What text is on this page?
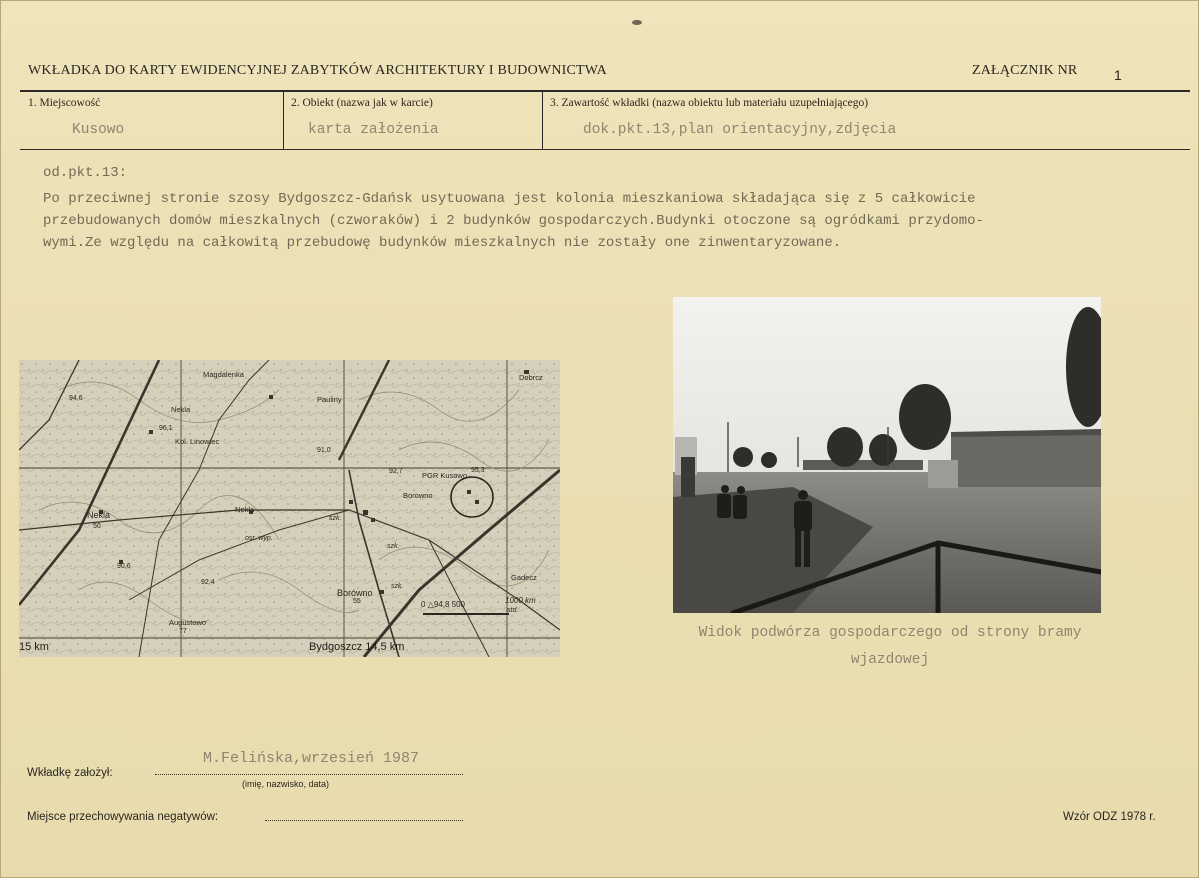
WKŁADKA DO KARTY EWIDENCYJNEJ ZABYTKÓW ARCHITEKTURY I BUDOWNICTWA	ZAŁĄCZNIK NR	1
1. Miejscowość
Kusowo
2. Obiekt (nazwa jak w karcie)
karta założenia
3. Zawartość wkładki (nazwa obiektu lub materiału uzupełniającego)
dok.pkt.13,plan orientacyjny,zdjęcia
od.pkt.13:
Po przeciwnej stronie szosy Bydgoszcz-Gdańsk usytuowana jest kolonia mieszkaniowa składająca się z 5 całkowicie
przebudowanych domów mieszkalnych (czworaków) i 2 budynków gospodarczych.Budynki otoczone są ogródkami przydomo-
wymi.Ze względu na całkowitą przebudowę budynków mieszkalnych nie zostały one zinwentaryzowane.
Magdalenka	Dobrcz
Nekla
Pauliny
Kol. Linowiec
PGR Kusowo
Borowno
Nekla
Gadecz
Augustowo
Nekla
Borówno
94,6
96,1
91,0
92,7	95,3
90,6
92,4
50
55
77
szk.
szk.
szk.
osr. wyp.
std.
0 △94,8 500	1000 km
15 km	Bydgoszcz 14,5 km
Widok podwórza gospodarczego od strony bramy
wjazdowej
Wkładkę założył:
M.Felińska,wrzesień 1987
(imię, nazwisko, data)
Miejsce przechowywania negatywów:	Wzór ODZ 1978 r.
